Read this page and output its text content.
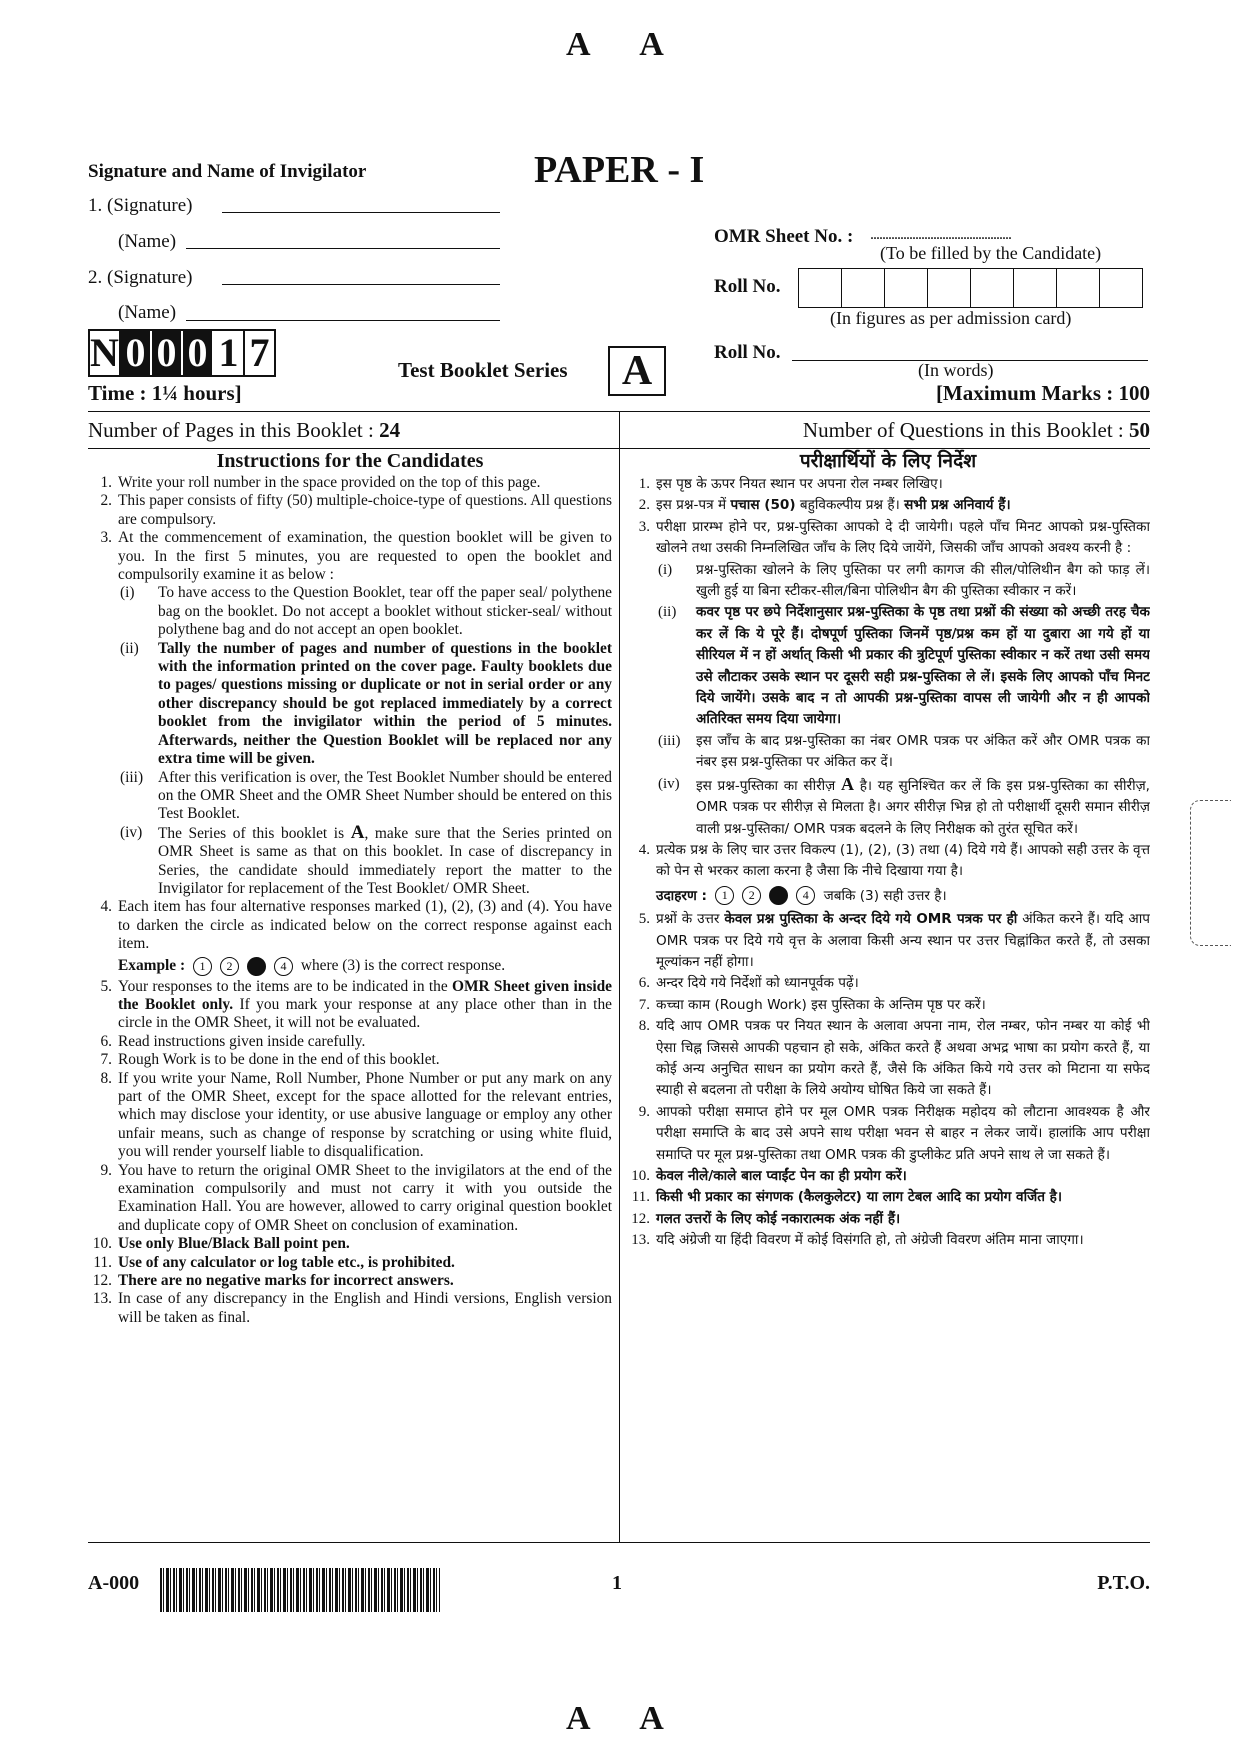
A A
Signature and Name of Invigilator
1. (Signature)
(Name)
2. (Signature)
(Name)
PAPER - I
OMR Sheet No. : ...............................................
(To be filled by the Candidate)
Roll No.
(In figures as per admission card)
Roll No.
(In words)
N 0 0 0 1 7	Test Booklet Series	A
Time : 1¼ hours]	[Maximum Marks : 100
Number of Pages in this Booklet : 24	Number of Questions in this Booklet : 50
Instructions for the Candidates
1. Write your roll number in the space provided on the top of this page.
2. This paper consists of fifty (50) multiple-choice-type of questions. All questions are compulsory.
3. At the commencement of examination, the question booklet will be given to you. In the first 5 minutes, you are requested to open the booklet and compulsorily examine it as below :
(i) To have access to the Question Booklet, tear off the paper seal/ polythene bag on the booklet. Do not accept a booklet without sticker-seal/ without polythene bag and do not accept an open booklet.
(ii) Tally the number of pages and number of questions in the booklet with the information printed on the cover page. Faulty booklets due to pages/ questions missing or duplicate or not in serial order or any other discrepancy should be got replaced immediately by a correct booklet from the invigilator within the period of 5 minutes. Afterwards, neither the Question Booklet will be replaced nor any extra time will be given.
(iii) After this verification is over, the Test Booklet Number should be entered on the OMR Sheet and the OMR Sheet Number should be entered on this Test Booklet.
(iv) The Series of this booklet is A, make sure that the Series printed on OMR Sheet is same as that on this booklet. In case of discrepancy in Series, the candidate should immediately report the matter to the Invigilator for replacement of the Test Booklet/ OMR Sheet.
4. Each item has four alternative responses marked (1), (2), (3) and (4). You have to darken the circle as indicated below on the correct response against each item.
Example : 1 2	4 where (3) is the correct response.
5. Your responses to the items are to be indicated in the OMR Sheet given inside the Booklet only. If you mark your response at any place other than in the circle in the OMR Sheet, it will not be evaluated.
6. Read instructions given inside carefully.
7. Rough Work is to be done in the end of this booklet.
8. If you write your Name, Roll Number, Phone Number or put any mark on any part of the OMR Sheet, except for the space allotted for the relevant entries, which may disclose your identity, or use abusive language or employ any other unfair means, such as change of response by scratching or using white fluid, you will render yourself liable to disqualification.
9. You have to return the original OMR Sheet to the invigilators at the end of the examination compulsorily and must not carry it with you outside the Examination Hall. You are however, allowed to carry original question booklet and duplicate copy of OMR Sheet on conclusion of examination.
10. Use only Blue/Black Ball point pen.
11. Use of any calculator or log table etc., is prohibited.
12. There are no negative marks for incorrect answers.
13. In case of any discrepancy in the English and Hindi versions, English version will be taken as final.
परीक्षार्थियों के लिए निर्देश
1. इस पृष्ठ के ऊपर नियत स्थान पर अपना रोल नम्बर लिखिए।
2. इस प्रश्न-पत्र में पचास (50) बहुविकल्पीय प्रश्न हैं। सभी प्रश्न अनिवार्य हैं।
3. परीक्षा प्रारम्भ होने पर, प्रश्न-पुस्तिका आपको दे दी जायेगी। पहले पाँच मिनट आपको प्रश्न-पुस्तिका खोलने तथा उसकी निम्नलिखित जाँच के लिए दिये जायेंगे, जिसकी जाँच आपको अवश्य करनी है :
(i) प्रश्न-पुस्तिका खोलने के लिए पुस्तिका पर लगी कागज की सील/पोलिथीन बैग को फाड़ लें। खुली हुई या बिना स्टीकर-सील/बिना पोलिथीन बैग की पुस्तिका स्वीकार न करें।
(ii) कवर पृष्ठ पर छपे निर्देशानुसार प्रश्न-पुस्तिका के पृष्ठ तथा प्रश्नों की संख्या को अच्छी तरह चैक कर लें कि ये पूरे हैं। दोषपूर्ण पुस्तिका जिनमें पृष्ठ/प्रश्न कम हों या दुबारा आ गये हों या सीरियल में न हों अर्थात् किसी भी प्रकार की त्रुटिपूर्ण पुस्तिका स्वीकार न करें तथा उसी समय उसे लौटाकर उसके स्थान पर दूसरी सही प्रश्न-पुस्तिका ले लें। इसके लिए आपको पाँच मिनट दिये जायेंगे। उसके बाद न तो आपकी प्रश्न-पुस्तिका वापस ली जायेगी और न ही आपको अतिरिक्त समय दिया जायेगा।
(iii) इस जाँच के बाद प्रश्न-पुस्तिका का नंबर OMR पत्रक पर अंकित करें और OMR पत्रक का नंबर इस प्रश्न-पुस्तिका पर अंकित कर दें।
(iv) इस प्रश्न-पुस्तिका का सीरीज़ A है। यह सुनिश्चित कर लें कि इस प्रश्न-पुस्तिका का सीरीज़, OMR पत्रक पर सीरीज़ से मिलता है। अगर सीरीज़ भिन्न हो तो परीक्षार्थी दूसरी समान सीरीज़ वाली प्रश्न-पुस्तिका/ OMR पत्रक बदलने के लिए निरीक्षक को तुरंत सूचित करें।
4. प्रत्येक प्रश्न के लिए चार उत्तर विकल्प (1), (2), (3) तथा (4) दिये गये हैं। आपको सही उत्तर के वृत्त को पेन से भरकर काला करना है जैसा कि नीचे दिखाया गया है।
उदाहरण : 1 2	4 जबकि (3) सही उत्तर है।
5. प्रश्नों के उत्तर केवल प्रश्न पुस्तिका के अन्दर दिये गये OMR पत्रक पर ही अंकित करने हैं। यदि आप OMR पत्रक पर दिये गये वृत्त के अलावा किसी अन्य स्थान पर उत्तर चिह्नांकित करते हैं, तो उसका मूल्यांकन नहीं होगा।
6. अन्दर दिये गये निर्देशों को ध्यानपूर्वक पढ़ें।
7. कच्चा काम (Rough Work) इस पुस्तिका के अन्तिम पृष्ठ पर करें।
8. यदि आप OMR पत्रक पर नियत स्थान के अलावा अपना नाम, रोल नम्बर, फोन नम्बर या कोई भी ऐसा चिह्न जिससे आपकी पहचान हो सके, अंकित करते हैं अथवा अभद्र भाषा का प्रयोग करते हैं, या कोई अन्य अनुचित साधन का प्रयोग करते हैं, जैसे कि अंकित किये गये उत्तर को मिटाना या सफेद स्याही से बदलना तो परीक्षा के लिये अयोग्य घोषित किये जा सकते हैं।
9. आपको परीक्षा समाप्त होने पर मूल OMR पत्रक निरीक्षक महोदय को लौटाना आवश्यक है और परीक्षा समाप्ति के बाद उसे अपने साथ परीक्षा भवन से बाहर न लेकर जायें। हालांकि आप परीक्षा समाप्ति पर मूल प्रश्न-पुस्तिका तथा OMR पत्रक की डुप्लीकेट प्रति अपने साथ ले जा सकते हैं।
10. केवल नीले/काले बाल प्वाईंट पेन का ही प्रयोग करें।
11. किसी भी प्रकार का संगणक (कैलकुलेटर) या लाग टेबल आदि का प्रयोग वर्जित है।
12. गलत उत्तरों के लिए कोई नकारात्मक अंक नहीं हैं।
13. यदि अंग्रेजी या हिंदी विवरण में कोई विसंगति हो, तो अंग्रेजी विवरण अंतिम माना जाएगा।
A-000	1	P.T.O.
A A
